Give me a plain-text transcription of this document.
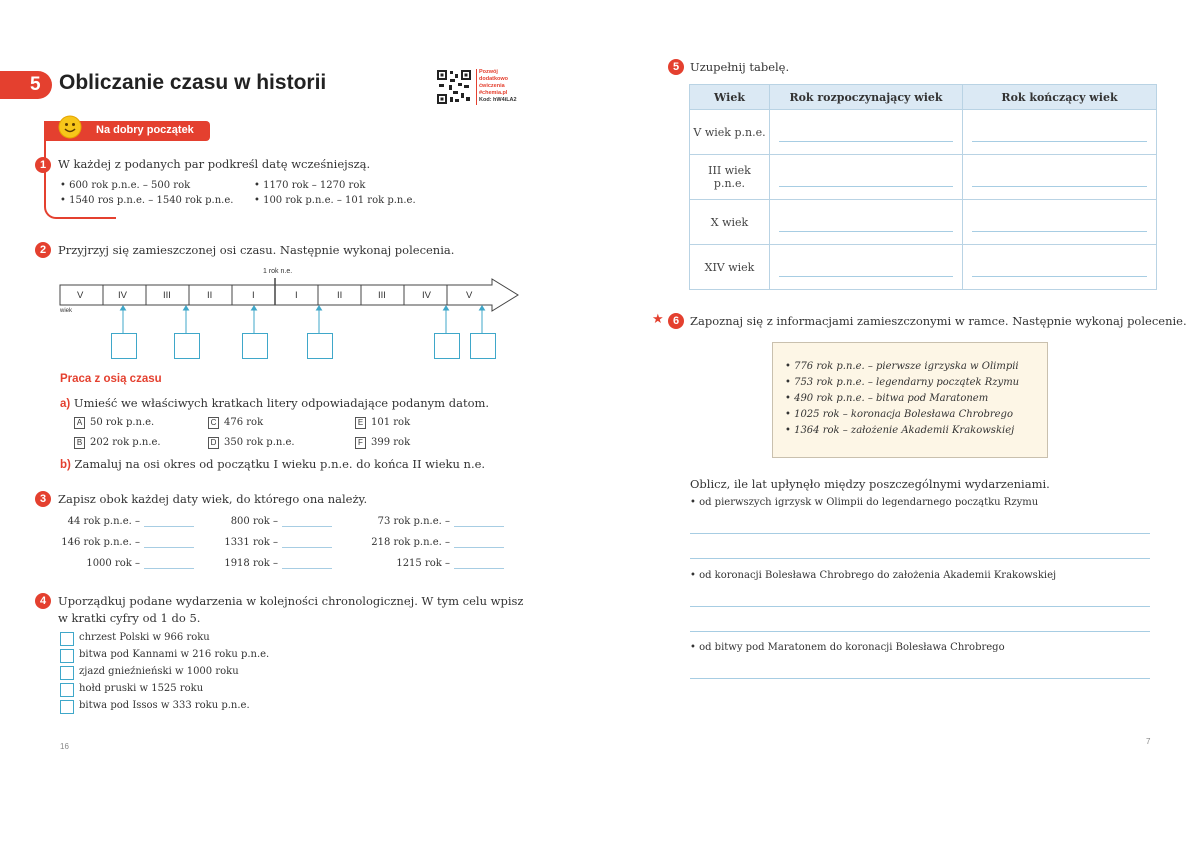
5 Obliczanie czasu w historii	Pozwój
dodatkowo
ćwiczenia
#chemia.pl
Kod: hW4iLA2
Na dobry początek
1	W każdej z podanych par podkreśl datę wcześniejszą.
• 600 rok p.n.e. – 500 rok	• 1170 rok – 1270 rok
• 1540 ros p.n.e. – 1540 rok p.n.e. • 100 rok p.n.e. – 101 rok p.n.e.
2	Przyjrzyj się zamieszczonej osi czasu. Następnie wykonaj polecenia.
1 rok n.e.
wiek
V	IV	III	II	I	I	II	III	IV	V
Praca z osią czasu
a) Umieść we właściwych kratkach litery odpowiadające podanym datom.
A 50 rok p.n.e.	C 476 rok	E 101 rok
B 202 rok p.n.e.	D 350 rok p.n.e.	F 399 rok
b) Zamaluj na osi okres od początku I wieku p.n.e. do końca II wieku n.e.
3	Zapisz obok każdej daty wiek, do którego ona należy.
44 rok p.n.e. –	800 rok –	73 rok p.n.e. –
146 rok p.n.e. –	1331 rok –	218 rok p.n.e. –
1000 rok –	1918 rok –	1215 rok –
4	Uporządkuj podane wydarzenia w kolejności chronologicznej. W tym celu wpisz
w kratki cyfry od 1 do 5.
chrzest Polski w 966 roku
bitwa pod Kannami w 216 roku p.n.e.
zjazd gnieźnieński w 1000 roku
hołd pruski w 1525 roku
bitwa pod Issos w 333 roku p.n.e.
16
5 Uzupełnij tabelę.
Wiek	Rok rozpoczynający wiek	Rok kończący wiek
V wiek p.n.e.	

III wiek p.n.e.	

X wiek	

XIV wiek	

★ 6 Zapoznaj się z informacjami zamieszczonymi w ramce. Następnie wykonaj polecenie.
• 776 rok p.n.e. – pierwsze igrzyska w Olimpii
• 753 rok p.n.e. – legendarny początek Rzymu
• 490 rok p.n.e. – bitwa pod Maratonem
• 1025 rok – koronacja Bolesława Chrobrego
• 1364 rok – założenie Akademii Krakowskiej
Oblicz, ile lat upłynęło między poszczególnymi wydarzeniami.
• od pierwszych igrzysk w Olimpii do legendarnego początku Rzymu
• od koronacji Bolesława Chrobrego do założenia Akademii Krakowskiej
• od bitwy pod Maratonem do koronacji Bolesława Chrobrego
7
